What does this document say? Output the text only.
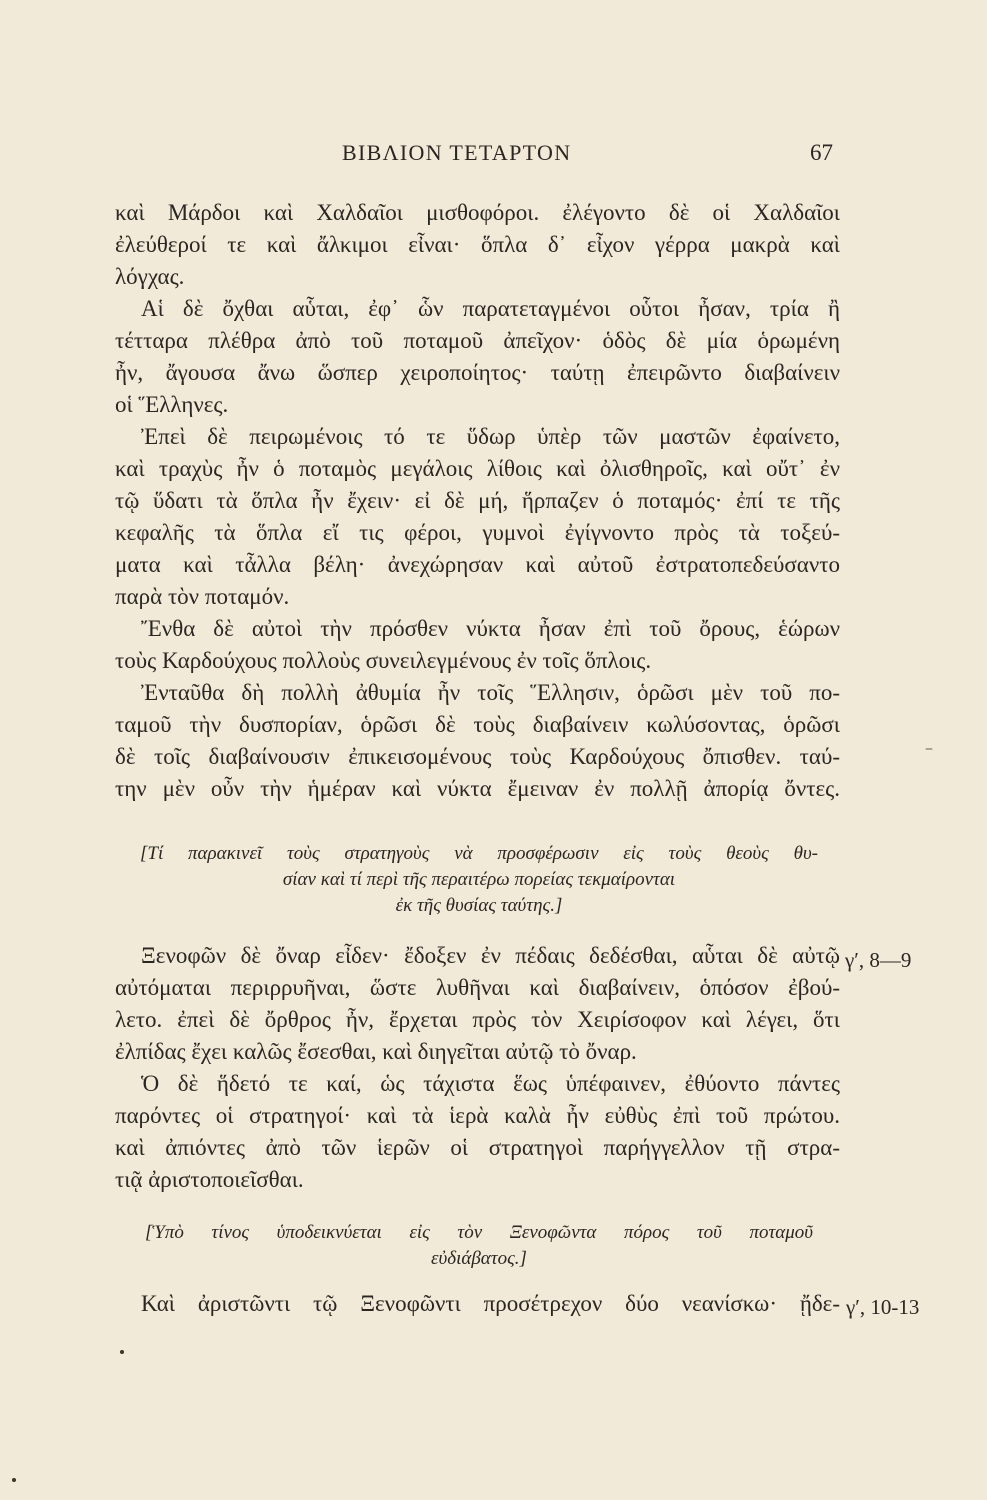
ΒΙΒΛΙΟΝ ΤΕΤΑΡΤΟΝ	67
καὶ Μάρδοι καὶ Χαλδαῖοι μισθοφόροι. ἐλέγοντο δὲ οἱ Χαλδαῖοι
ἐλεύθεροί τε καὶ ἄλκιμοι εἶναι· ὅπλα δ᾽ εἶχον γέρρα μακρὰ καὶ
λόγχας.
Αἱ δὲ ὄχθαι αὗται, ἐφ᾽ ὧν παρατεταγμένοι οὗτοι ἦσαν, τρία ἢ
τέτταρα πλέθρα ἀπὸ τοῦ ποταμοῦ ἀπεῖχον· ὁδὸς δὲ μία ὁρωμένη
ἦν, ἄγουσα ἄνω ὥσπερ χειροποίητος· ταύτῃ ἐπειρῶντο διαβαίνειν
οἱ Ἕλληνες.
Ἐπεὶ δὲ πειρωμένοις τό τε ὕδωρ ὑπὲρ τῶν μαστῶν ἐφαίνετο,
καὶ τραχὺς ἦν ὁ ποταμὸς μεγάλοις λίθοις καὶ ὀλισθηροῖς, καὶ οὔτ᾽ ἐν
τῷ ὕδατι τὰ ὅπλα ἦν ἔχειν· εἰ δὲ μή, ἥρπαζεν ὁ ποταμός· ἐπί τε τῆς
κεφαλῆς τὰ ὅπλα εἴ τις φέροι, γυμνοὶ ἐγίγνοντο πρὸς τὰ τοξεύ-
ματα καὶ τἆλλα βέλη· ἀνεχώρησαν καὶ αὐτοῦ ἐστρατοπεδεύσαντο
παρὰ τὸν ποταμόν.
Ἔνθα δὲ αὐτοὶ τὴν πρόσθεν νύκτα ἦσαν ἐπὶ τοῦ ὄρους, ἑώρων
τοὺς Καρδούχους πολλοὺς συνειλεγμένους ἐν τοῖς ὅπλοις.
Ἐνταῦθα δὴ πολλὴ ἀθυμία ἦν τοῖς Ἕλλησιν, ὁρῶσι μὲν τοῦ πο-
ταμοῦ τὴν δυσπορίαν, ὁρῶσι δὲ τοὺς διαβαίνειν κωλύσοντας, ὁρῶσι
δὲ τοῖς διαβαίνουσιν ἐπικεισομένους τοὺς Καρδούχους ὄπισθεν. ταύ-
την μὲν οὖν τὴν ἡμέραν καὶ νύκτα ἔμειναν ἐν πολλῇ ἀπορίᾳ ὄντες.
[Τί παρακινεῖ τοὺς στρατηγοὺς νὰ προσφέρωσιν εἰς τοὺς θεοὺς θυ-
σίαν καὶ τί περὶ τῆς περαιτέρω πορείας τεκμαίρονται
ἐκ τῆς θυσίας ταύτης.]
Ξενοφῶν δὲ ὄναρ εἶδεν· ἔδοξεν ἐν πέδαις δεδέσθαι, αὗται δὲ αὐτῷ
αὐτόμαται περιρρυῆναι, ὥστε λυθῆναι καὶ διαβαίνειν, ὁπόσον ἐβού-
λετο. ἐπεὶ δὲ ὄρθρος ἦν, ἔρχεται πρὸς τὸν Χειρίσοφον καὶ λέγει, ὅτι
ἐλπίδας ἔχει καλῶς ἔσεσθαι, καὶ διηγεῖται αὐτῷ τὸ ὄναρ.
Ὁ δὲ ἥδετό τε καί, ὡς τάχιστα ἕως ὑπέφαινεν, ἐθύοντο πάντες
παρόντες οἱ στρατηγοί· καὶ τὰ ἱερὰ καλὰ ἦν εὐθὺς ἐπὶ τοῦ πρώτου.
καὶ ἀπιόντες ἀπὸ τῶν ἱερῶν οἱ στρατηγοὶ παρήγγελλον τῇ στρα-
τιᾷ ἀριστοποιεῖσθαι.
[Ὑπὸ τίνος ὑποδεικνύεται εἰς τὸν Ξενοφῶντα πόρος τοῦ ποταμοῦ
εὐδιάβατος.]
Καὶ ἀριστῶντι τῷ Ξενοφῶντι προσέτρεχον δύο νεανίσκω· ᾔδε-
γ′, 8—9
γ′, 10-13
–
